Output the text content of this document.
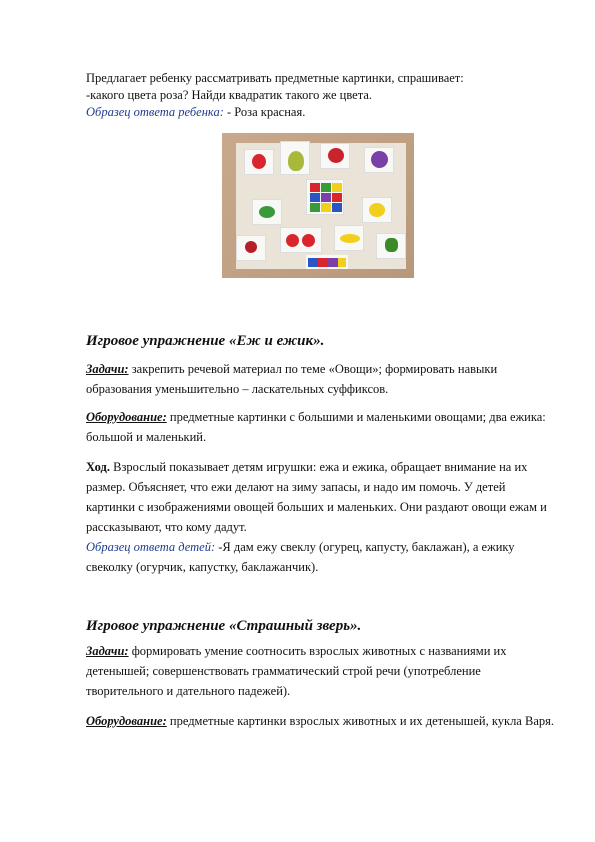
Предлагает ребенку рассматривать предметные картинки, спрашивает:

-какого цвета роза? Найди квадратик такого же цвета.

Образец ответа ребенка: - Роза красная.

Игровое упражнение «Еж и ежик».

Задачи: закрепить речевой материал по теме «Овощи»; формировать навыки образования уменьшительно – ласкательных суффиксов.

Оборудование: предметные картинки с большими и маленькими овощами; два ежика: большой и маленький.

Ход. Взрослый показывает детям игрушки: ежа и ежика, обращает внимание на их размер. Объясняет, что ежи делают на зиму запасы, и надо им помочь. У детей картинки с изображениями овощей больших и маленьких. Они раздают овощи ежам и рассказывают, что кому дадут.

Образец ответа детей: -Я дам ежу свеклу (огурец, капусту, баклажан), а ежику свеколку (огурчик, капустку, баклажанчик).

Игровое упражнение «Страшный зверь».

Задачи: формировать умение соотносить взрослых животных с названиями их детенышей; совершенствовать грамматический строй речи (употребление творительного и дательного падежей).

Оборудование: предметные картинки взрослых животных и их детенышей, кукла Варя.
